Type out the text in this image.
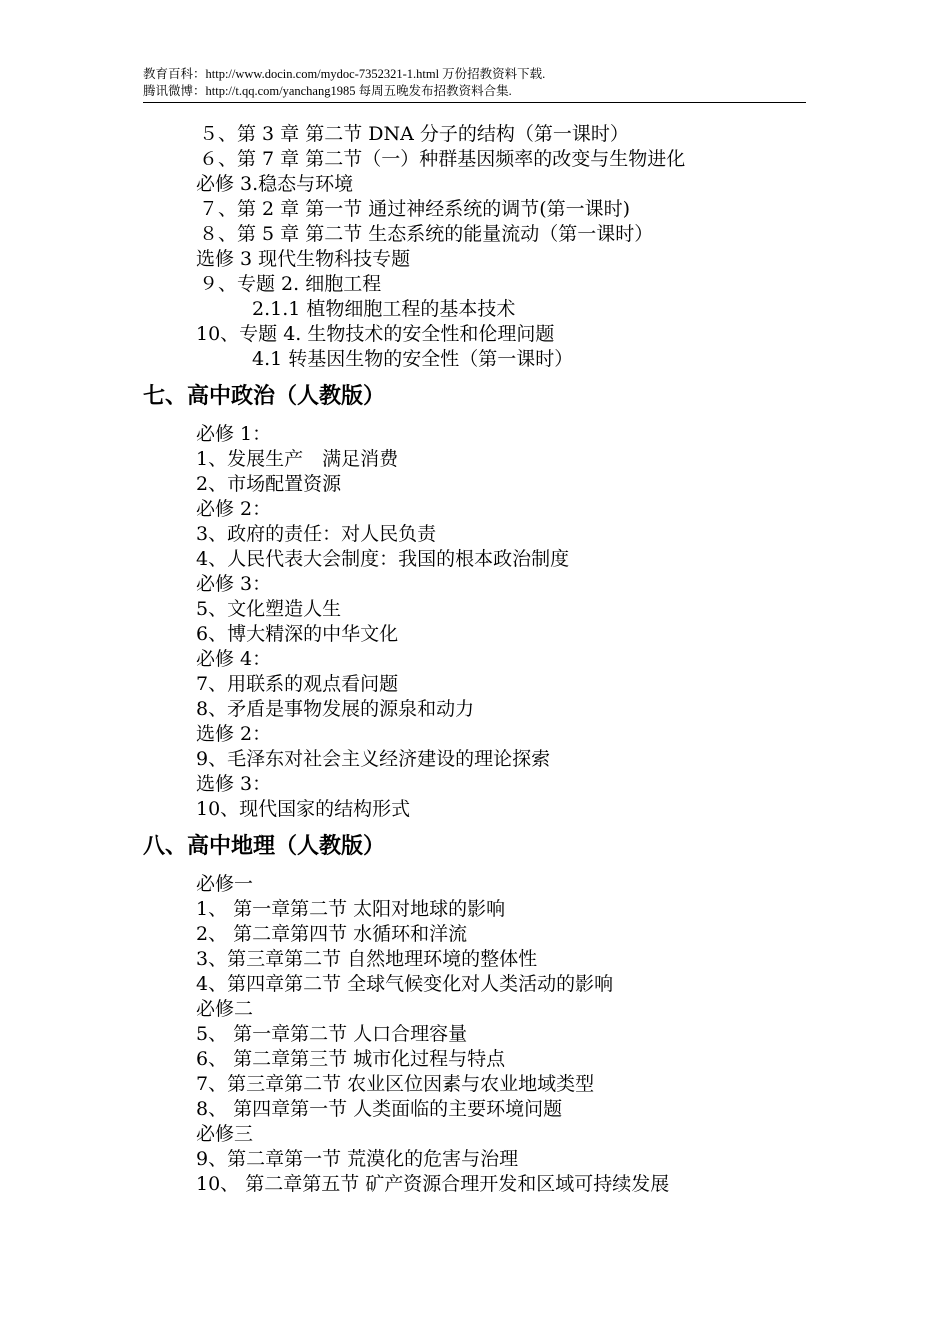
教育百科：http://www.docin.com/mydoc-7352321-1.html 万份招教资料下载.
腾讯微博：http://t.qq.com/yanchang1985 每周五晚发布招教资料合集.
５、第 3 章 第二节 DNA 分子的结构（第一课时）
６、第 7 章 第二节（一）种群基因频率的改变与生物进化
必修 3.稳态与环境
７、第 2 章 第一节 通过神经系统的调节(第一课时)
８、第 5 章 第二节 生态系统的能量流动（第一课时）
选修 3 现代生物科技专题
９、专题 2. 细胞工程
2.1.1 植物细胞工程的基本技术
10、专题 4. 生物技术的安全性和伦理问题
4.1 转基因生物的安全性（第一课时）
七、高中政治（人教版）
必修 1：
1、发展生产　满足消费
2、市场配置资源
必修 2：
3、政府的责任：对人民负责
4、人民代表大会制度：我国的根本政治制度
必修 3：
5、文化塑造人生
6、博大精深的中华文化
必修 4：
7、用联系的观点看问题
8、矛盾是事物发展的源泉和动力
选修 2：
9、毛泽东对社会主义经济建设的理论探索
选修 3：
10、现代国家的结构形式
八、高中地理（人教版）
必修一
1、 第一章第二节 太阳对地球的影响
2、 第二章第四节 水循环和洋流
3、第三章第二节 自然地理环境的整体性
4、第四章第二节 全球气候变化对人类活动的影响
必修二
5、 第一章第二节 人口合理容量
6、 第二章第三节 城市化过程与特点
7、第三章第二节 农业区位因素与农业地域类型
8、 第四章第一节 人类面临的主要环境问题
必修三
9、第二章第一节 荒漠化的危害与治理
10、 第二章第五节 矿产资源合理开发和区域可持续发展
